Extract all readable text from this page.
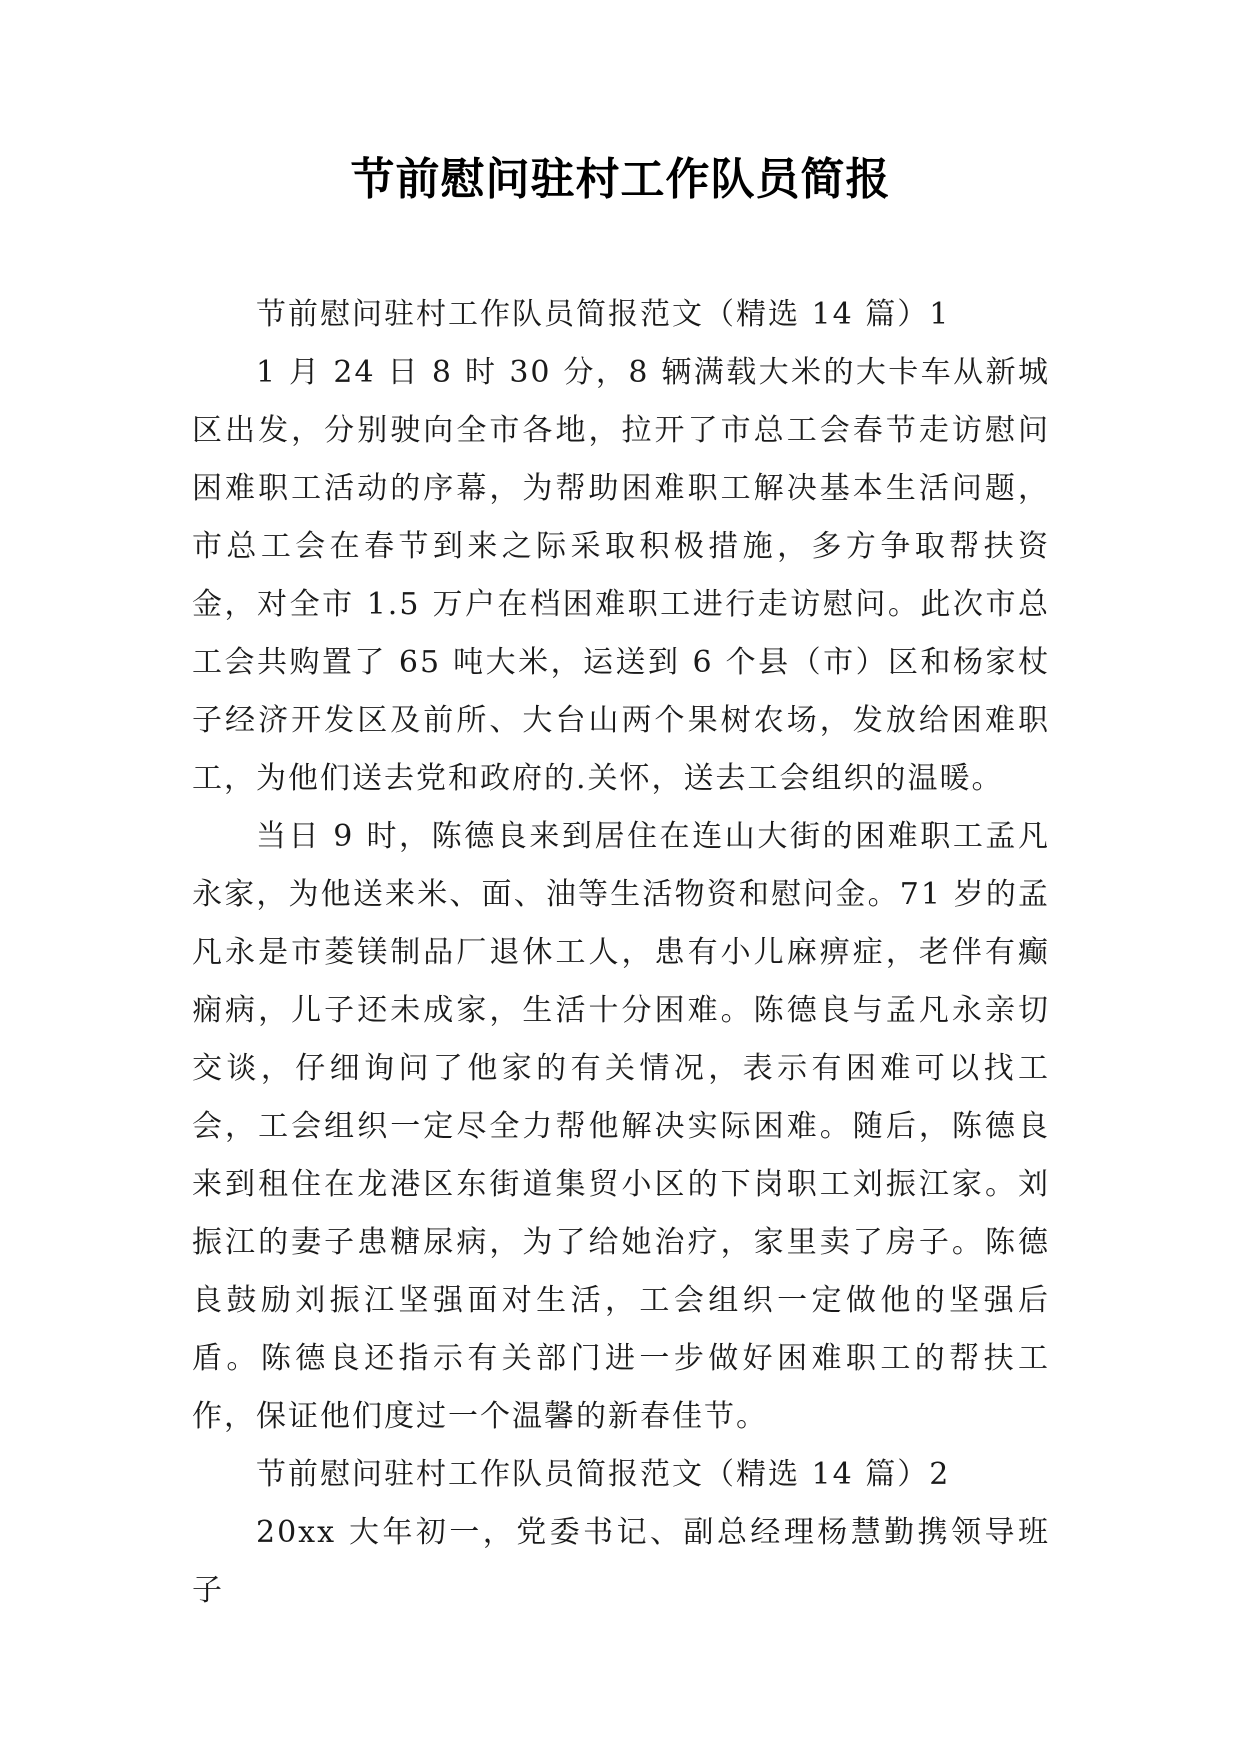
节前慰问驻村工作队员简报

节前慰问驻村工作队员简报范文（精选 14 篇）1

1 月 24 日 8 时 30 分，8 辆满载大米的大卡车从新城区出发，分别驶向全市各地，拉开了市总工会春节走访慰问困难职工活动的序幕，为帮助困难职工解决基本生活问题，市总工会在春节到来之际采取积极措施，多方争取帮扶资金，对全市 1.5 万户在档困难职工进行走访慰问。此次市总工会共购置了 65 吨大米，运送到 6 个县（市）区和杨家杖子经济开发区及前所、大台山两个果树农场，发放给困难职工，为他们送去党和政府的.关怀，送去工会组织的温暖。

当日 9 时，陈德良来到居住在连山大街的困难职工孟凡永家，为他送来米、面、油等生活物资和慰问金。71 岁的孟凡永是市菱镁制品厂退休工人，患有小儿麻痹症，老伴有癫痫病，儿子还未成家，生活十分困难。陈德良与孟凡永亲切交谈，仔细询问了他家的有关情况，表示有困难可以找工会，工会组织一定尽全力帮他解决实际困难。随后，陈德良来到租住在龙港区东街道集贸小区的下岗职工刘振江家。刘振江的妻子患糖尿病，为了给她治疗，家里卖了房子。陈德良鼓励刘振江坚强面对生活，工会组织一定做他的坚强后盾。陈德良还指示有关部门进一步做好困难职工的帮扶工作，保证他们度过一个温馨的新春佳节。

节前慰问驻村工作队员简报范文（精选 14 篇）2

20xx 大年初一，党委书记、副总经理杨慧勤携领导班子
